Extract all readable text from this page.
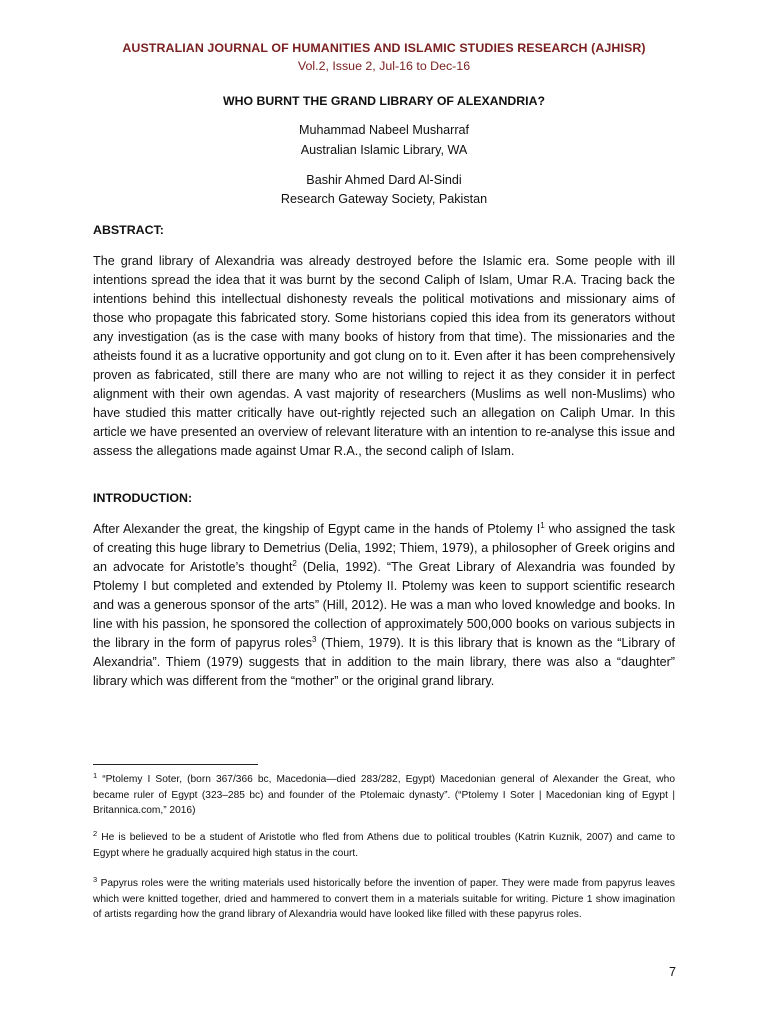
AUSTRALIAN JOURNAL OF HUMANITIES AND ISLAMIC STUDIES RESEARCH (AJHISR)
Vol.2, Issue 2, Jul-16 to Dec-16
WHO BURNT THE GRAND LIBRARY OF ALEXANDRIA?
Muhammad Nabeel Musharraf
Australian Islamic Library, WA
Bashir Ahmed Dard Al-Sindi
Research Gateway Society, Pakistan
ABSTRACT:

The grand library of Alexandria was already destroyed before the Islamic era. Some people with ill intentions spread the idea that it was burnt by the second Caliph of Islam, Umar R.A. Tracing back the intentions behind this intellectual dishonesty reveals the political motivations and missionary aims of those who propagate this fabricated story. Some historians copied this idea from its generators without any investigation (as is the case with many books of history from that time). The missionaries and the atheists found it as a lucrative opportunity and got clung on to it. Even after it has been comprehensively proven as fabricated, still there are many who are not willing to reject it as they consider it in perfect alignment with their own agendas. A vast majority of researchers (Muslims as well non-Muslims) who have studied this matter critically have out-rightly rejected such an allegation on Caliph Umar. In this article we have presented an overview of relevant literature with an intention to re-analyse this issue and assess the allegations made against Umar R.A., the second caliph of Islam.

INTRODUCTION:

After Alexander the great, the kingship of Egypt came in the hands of Ptolemy I$^1$ who assigned the task of creating this huge library to Demetrius (Delia, 1992; Thiem, 1979), a philosopher of Greek origins and an advocate for Aristotle’s thought$^2$ (Delia, 1992). “The Great Library of Alexandria was founded by Ptolemy I but completed and extended by Ptolemy II. Ptolemy was keen to support scientific research and was a generous sponsor of the arts” (Hill, 2012). He was a man who loved knowledge and books. In line with his passion, he sponsored the collection of approximately 500,000 books on various subjects in the library in the form of papyrus roles$^3$ (Thiem, 1979). It is this library that is known as the “Library of Alexandria”. Thiem (1979) suggests that in addition to the main library, there was also a “daughter” library which was different from the “mother” or the original grand library.

$^1$ “Ptolemy I Soter, (born 367/366 bc, Macedonia—died 283/282, Egypt) Macedonian general of Alexander the Great, who became ruler of Egypt (323–285 bc) and founder of the Ptolemaic dynasty”. (“Ptolemy I Soter | Macedonian king of Egypt | Britannica.com,” 2016)

$^2$ He is believed to be a student of Aristotle who fled from Athens due to political troubles (Katrin Kuznik, 2007) and came to Egypt where he gradually acquired high status in the court.

$^3$ Papyrus roles were the writing materials used historically before the invention of paper. They were made from papyrus leaves which were knitted together, dried and hammered to convert them in a materials suitable for writing. Picture 1 show imagination of artists regarding how the grand library of Alexandria would have looked like filled with these papyrus roles.

7
